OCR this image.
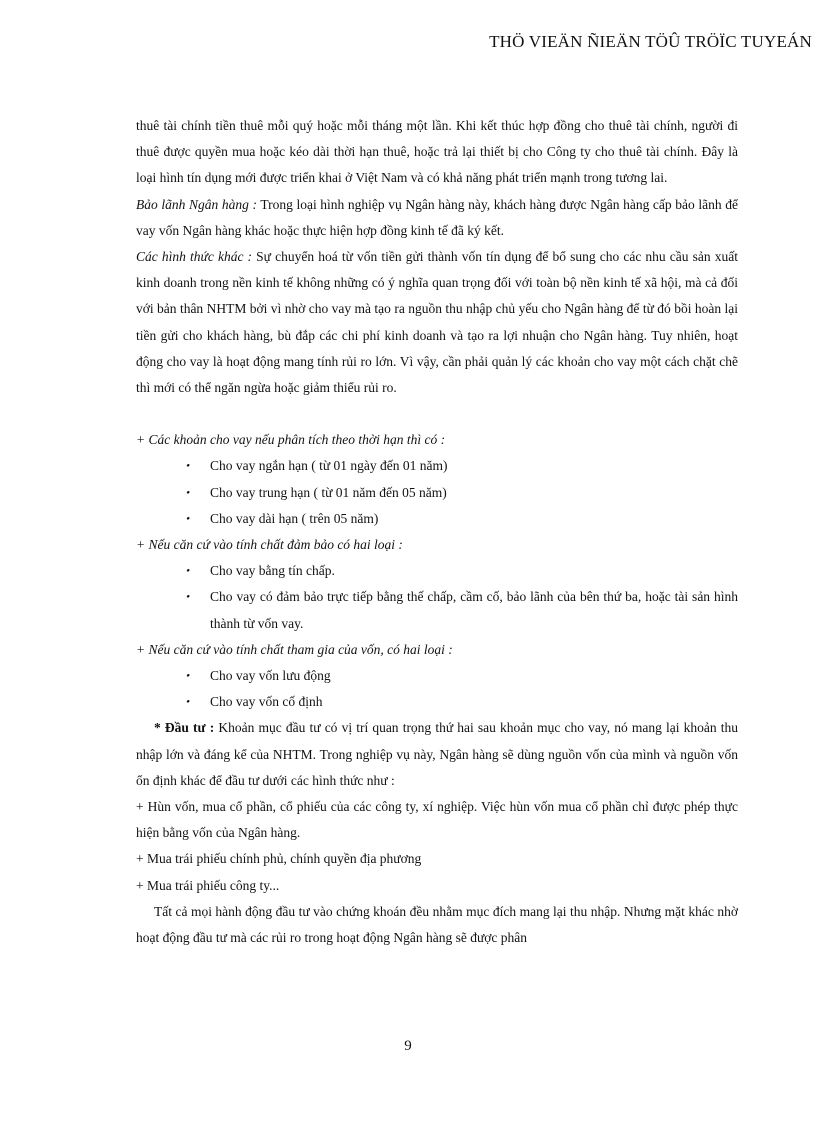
THÖ VIEÄN ÑIEÄN TÖÛ TRÖÏC TUYEÁN

thuê tài chính tiền thuê mỗi quý hoặc mỗi tháng một lần. Khi kết thúc hợp đồng cho thuê tài chính, người đi thuê được quyền mua hoặc kéo dài thời hạn thuê, hoặc trả lại thiết bị cho Công ty cho thuê tài chính. Đây là loại hình tín dụng mới được triển khai ở Việt Nam và có khả năng phát triển mạnh trong tương lai.

Bảo lãnh Ngân hàng : Trong loại hình nghiệp vụ Ngân hàng này, khách hàng được Ngân hàng cấp bảo lãnh để vay vốn Ngân hàng khác hoặc thực hiện hợp đồng kinh tế đã ký kết.

Các hình thức khác : Sự chuyển hoá từ vốn tiền gửi thành vốn tín dụng để bổ sung cho các nhu cầu sản xuất kinh doanh trong nền kinh tế không những có ý nghĩa quan trọng đối với toàn bộ nền kinh tế xã hội, mà cả đối với bản thân NHTM bởi vì nhờ cho vay mà tạo ra nguồn thu nhập chủ yếu cho Ngân hàng để từ đó bồi hoàn lại tiền gửi cho khách hàng, bù đắp các chi phí kinh doanh và tạo ra lợi nhuận cho Ngân hàng. Tuy nhiên, hoạt động cho vay là hoạt động mang tính rủi ro lớn. Vì vậy, cần phải quản lý các khoản cho vay một cách chặt chẽ thì mới có thể ngăn ngừa hoặc giảm thiểu rủi ro.

+ Các khoản cho vay nếu phân tích theo thời hạn thì có :

• Cho vay ngắn hạn ( từ 01 ngày đến 01 năm)
• Cho vay trung hạn ( từ 01 năm đến 05 năm)
• Cho vay dài hạn ( trên 05 năm)

+ Nếu căn cứ vào tính chất đảm bảo có hai loại :

• Cho vay bằng tín chấp.
• Cho vay có đảm bảo trực tiếp bằng thế chấp, cầm cố, bảo lãnh của bên thứ ba, hoặc tài sản hình thành từ vốn vay.

+ Nếu căn cứ vào tính chất tham gia của vốn, có hai loại :

• Cho vay vốn lưu động
• Cho vay vốn cố định

* Đầu tư : Khoản mục đầu tư có vị trí quan trọng thứ hai sau khoản mục cho vay, nó mang lại khoản thu nhập lớn và đáng kể của NHTM. Trong nghiệp vụ này, Ngân hàng sẽ dùng nguồn vốn của mình và nguồn vốn ổn định khác để đầu tư dưới các hình thức như :

+ Hùn vốn, mua cổ phần, cổ phiếu của các công ty, xí nghiệp. Việc hùn vốn mua cổ phần chỉ được phép thực hiện bằng vốn của Ngân hàng.

+ Mua trái phiếu chính phủ, chính quyền địa phương

+ Mua trái phiếu công ty...

Tất cả mọi hành động đầu tư vào chứng khoán đều nhằm mục đích mang lại thu nhập. Nhưng mặt khác nhờ hoạt động đầu tư mà các rủi ro trong hoạt động Ngân hàng sẽ được phân

9
